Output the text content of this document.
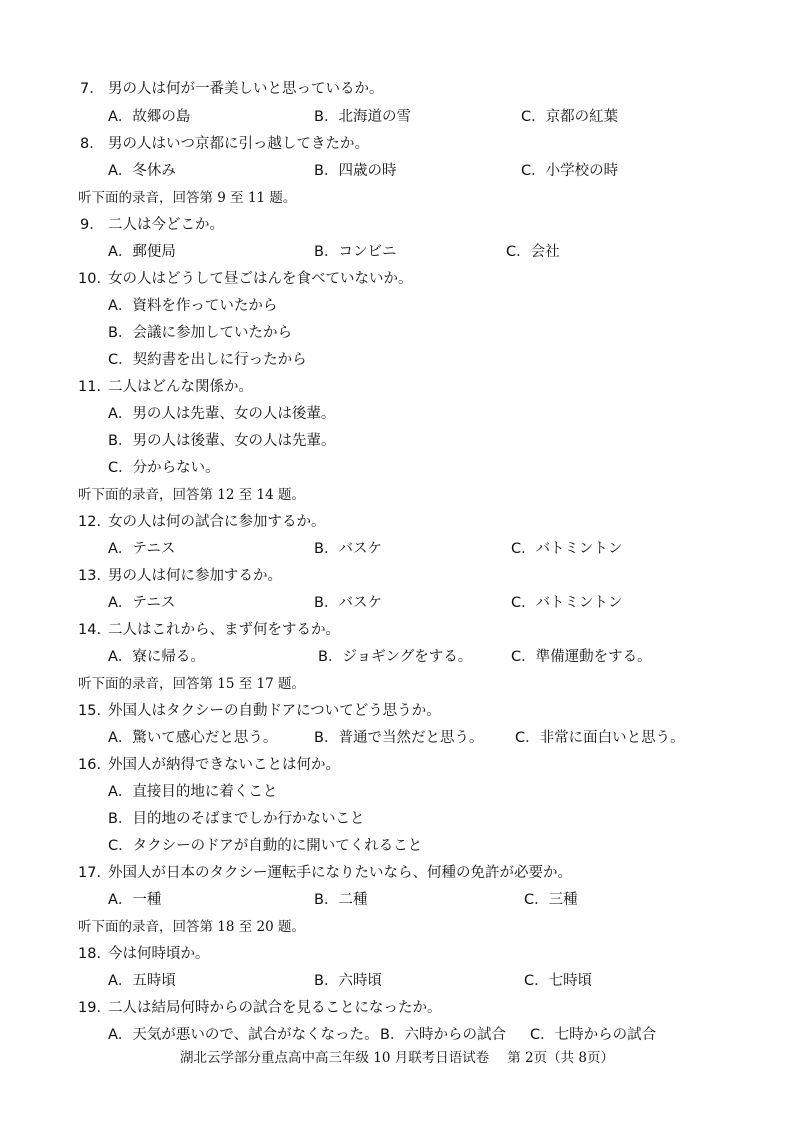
7． 男の人は何が一番美しいと思っているか。
A．故郷の島	B．北海道の雪	C．京都の紅葉
8． 男の人はいつ京都に引っ越してきたか。
A．冬休み	B．四歳の時	C．小学校の時
听下面的录音，回答第 9 至 11 题。
9． 二人は今どこか。
A．郵便局	B．コンビニ	C．会社
10. 女の人はどうして昼ごはんを食べていないか。
A．資料を作っていたから
B．会議に参加していたから
C．契約書を出しに行ったから
11. 二人はどんな関係か。
A．男の人は先輩、女の人は後輩。
B．男の人は後輩、女の人は先輩。
C．分からない。
听下面的录音，回答第 12 至 14 题。
12. 女の人は何の試合に参加するか。
A．テニス	B．バスケ	C．バトミントン
13. 男の人は何に参加するか。
A．テニス	B．バスケ	C．バトミントン
14. 二人はこれから、まず何をするか。
A．寮に帰る。	B．ジョギングをする。	C．準備運動をする。
听下面的录音，回答第 15 至 17 题。
15. 外国人はタクシーの自動ドアについてどう思うか。
A．驚いて感心だと思う。	B．普通で当然だと思う。 C．非常に面白いと思う。
16. 外国人が納得できないことは何か。
A．直接目的地に着くこと
B．目的地のそばまでしか行かないこと
C．タクシーのドアが自動的に開いてくれること
17. 外国人が日本のタクシー運転手になりたいなら、何種の免許が必要か。
A．一種	B．二種	C．三種
听下面的录音，回答第 18 至 20 题。
18. 今は何時頃か。
A．五時頃	B．六時頃	C．七時頃
19. 二人は結局何時からの試合を見ることになったか。
A．天気が悪いので、試合がなくなった。 B．六時からの試合 C．七時からの試合
湖北云学部分重点高中高三年级 10 月联考日语试卷 第 2页（共 8页）
